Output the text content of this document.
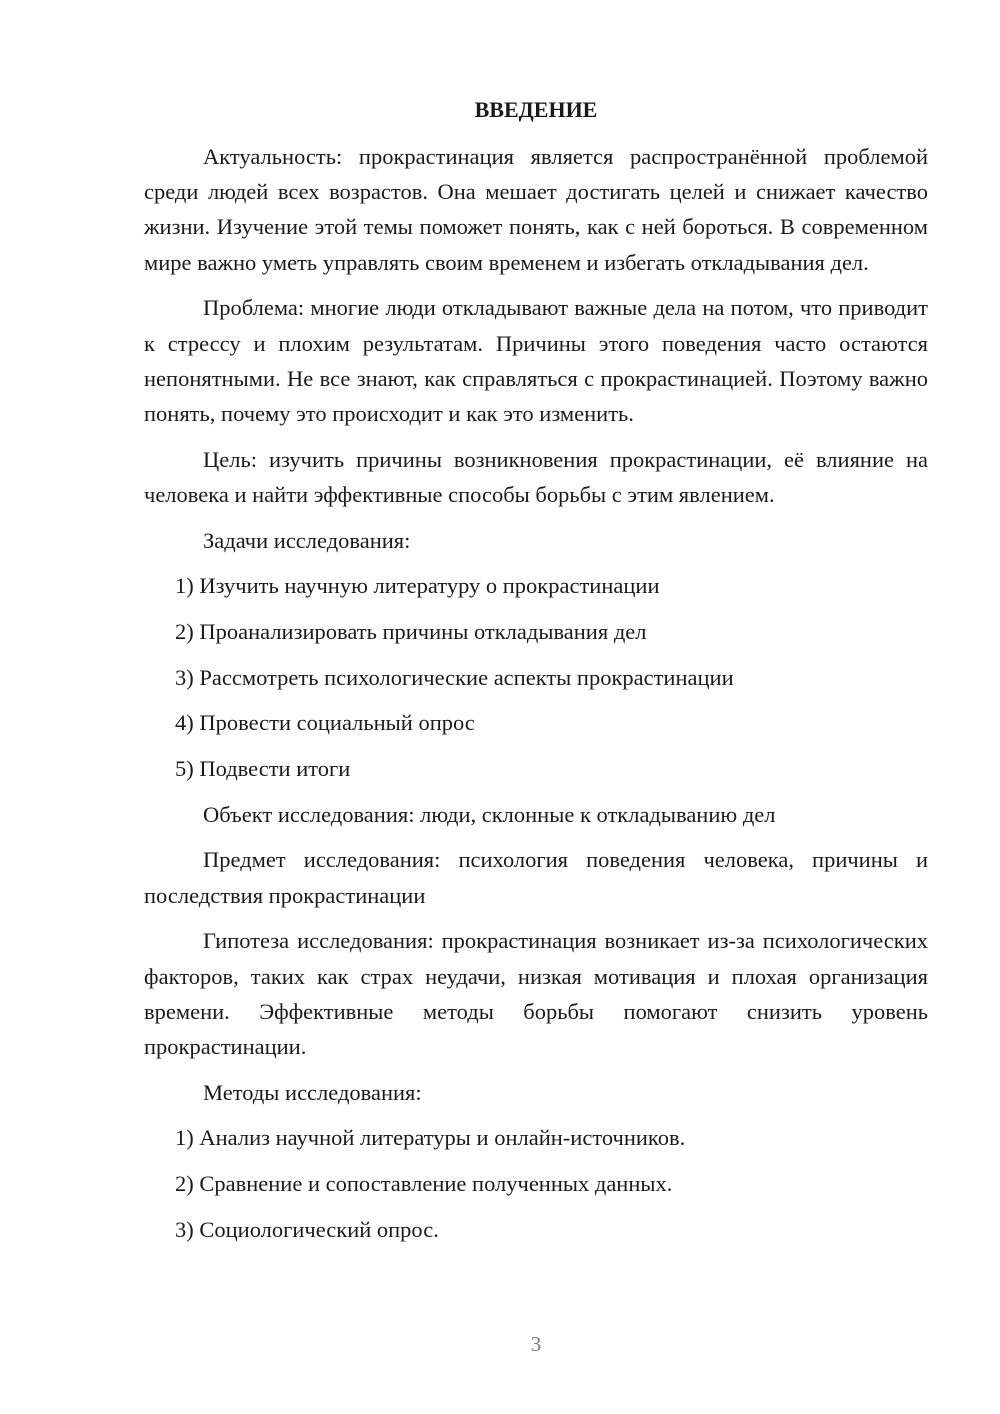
ВВЕДЕНИЕ

Актуальность: прокрастинация является распространённой проблемой среди людей всех возрастов. Она мешает достигать целей и снижает качество жизни. Изучение этой темы поможет понять, как с ней бороться. В современном мире важно уметь управлять своим временем и избегать откладывания дел.

Проблема: многие люди откладывают важные дела на потом, что приводит к стрессу и плохим результатам. Причины этого поведения часто остаются непонятными. Не все знают, как справляться с прокрастинацией. Поэтому важно понять, почему это происходит и как это изменить.

Цель: изучить причины возникновения прокрастинации, её влияние на человека и найти эффективные способы борьбы с этим явлением.

Задачи исследования:

1) Изучить научную литературу о прокрастинации

2) Проанализировать причины откладывания дел

3) Рассмотреть психологические аспекты прокрастинации

4) Провести социальный опрос

5) Подвести итоги

Объект исследования: люди, склонные к откладыванию дел

Предмет исследования: психология поведения человека, причины и последствия прокрастинации

Гипотеза исследования: прокрастинация возникает из-за психологических факторов, таких как страх неудачи, низкая мотивация и плохая организация времени. Эффективные методы борьбы помогают снизить уровень прокрастинации.

Методы исследования:

1) Анализ научной литературы и онлайн-источников.

2) Сравнение и сопоставление полученных данных.

3) Социологический опрос.

3
